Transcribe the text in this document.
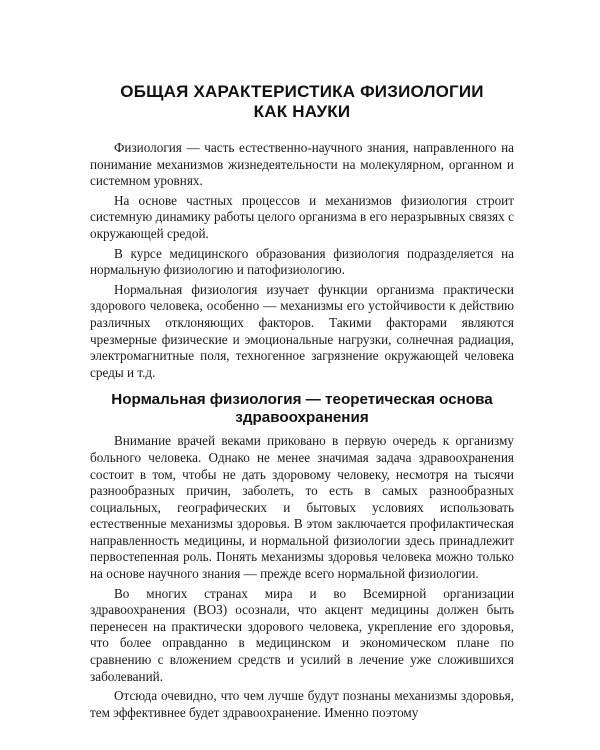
ОБЩАЯ ХАРАКТЕРИСТИКА ФИЗИОЛОГИИ
КАК НАУКИ

Физиология — часть естественно-научного знания, направленного на понимание механизмов жизнедеятельности на молекулярном, органном и системном уровнях.

На основе частных процессов и механизмов физиология строит системную динамику работы целого организма в его неразрывных связях с окружающей средой.

В курсе медицинского образования физиология подразделяется на нормальную физиологию и патофизиологию.

Нормальная физиология изучает функции организма практически здорового человека, особенно — механизмы его устойчивости к действию различных отклоняющих факторов. Такими факторами являются чрезмерные физические и эмоциональные нагрузки, солнечная радиация, электромагнитные поля, техногенное загрязнение окружающей человека среды и т.д.

Нормальная физиология — теоретическая основа
здравоохранения

Внимание врачей веками приковано в первую очередь к организму больного человека. Однако не менее значимая задача здравоохранения состоит в том, чтобы не дать здоровому человеку, несмотря на тысячи разнообразных причин, заболеть, то есть в самых разнообразных социальных, географических и бытовых условиях использовать естественные механизмы здоровья. В этом заключается профилактическая направленность медицины, и нормальной физиологии здесь принадлежит первостепенная роль. Понять механизмы здоровья человека можно только на основе научного знания — прежде всего нормальной физиологии.

Во многих странах мира и во Всемирной организации здравоохранения (ВОЗ) осознали, что акцент медицины должен быть перенесен на практически здорового человека, укрепление его здоровья, что более оправданно в медицинском и экономическом плане по сравнению с вложением средств и усилий в лечение уже сложившихся заболеваний.

Отсюда очевидно, что чем лучше будут познаны механизмы здоровья, тем эффективнее будет здравоохранение. Именно поэтому
